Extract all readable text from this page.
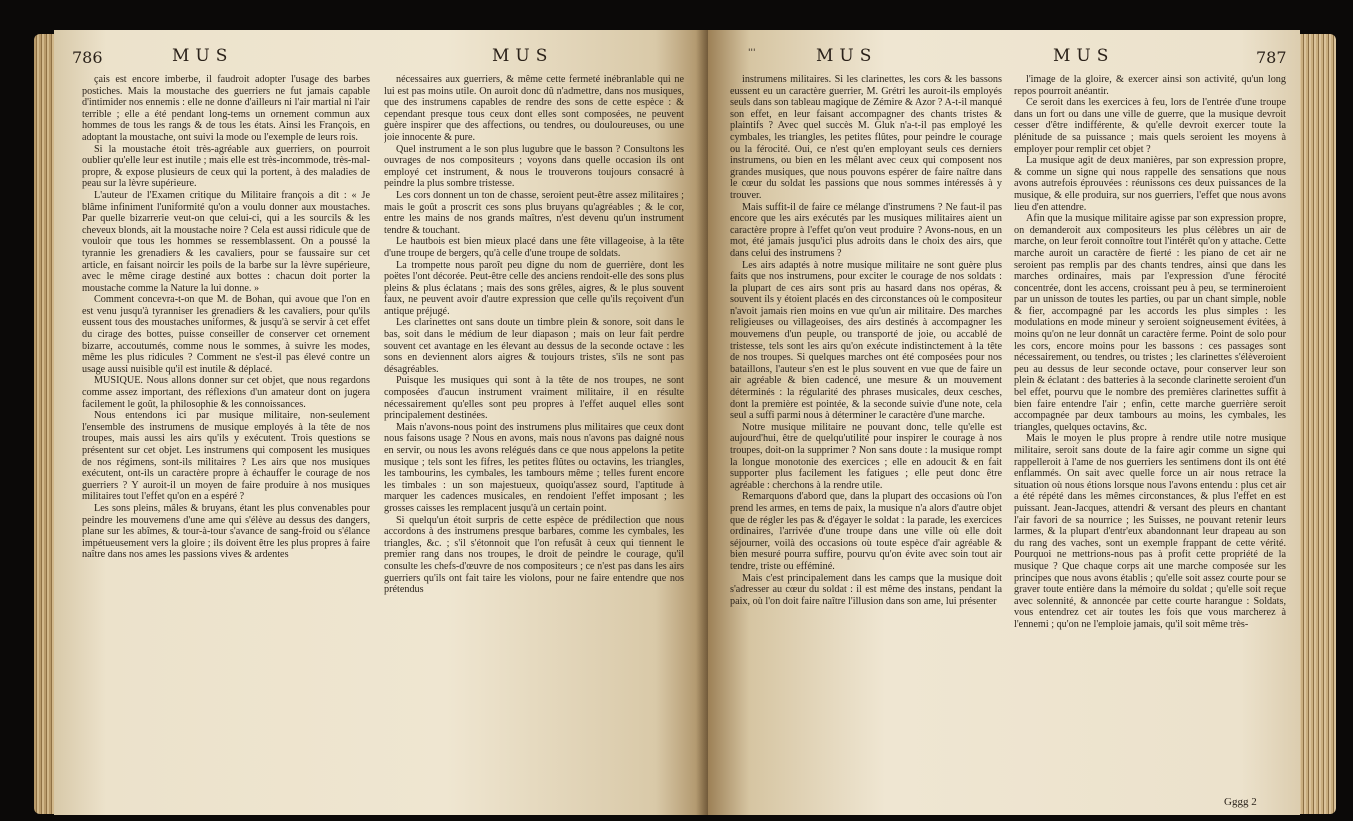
786	MUS	MUS

çais est encore imberbe, il faudroit adopter l'usage des barbes postiches. Mais la moustache des guerriers ne fut jamais capable d'intimider nos ennemis : elle ne donne d'ailleurs ni l'air martial ni l'air terrible ; elle a été pendant long-tems un ornement commun aux hommes de tous les rangs & de tous les états. Ainsi les François, en adoptant la moustache, ont suivi la mode ou l'exemple de leurs rois.

Si la moustache étoit très-agréable aux guerriers, on pourroit oublier qu'elle leur est inutile ; mais elle est très-incommode, très-mal-propre, & expose plusieurs de ceux qui la portent, à des maladies de peau sur la lèvre supérieure.

L'auteur de l'Examen critique du Militaire françois a dit : « Je blâme infiniment l'uniformité qu'on a voulu donner aux moustaches. Par quelle bizarrerie veut-on que celui-ci, qui a les sourcils & les cheveux blonds, ait la moustache noire ? Cela est aussi ridicule que de vouloir que tous les hommes se ressemblassent. On a poussé la tyrannie les grenadiers & les cavaliers, pour se faussaire sur cet article, en faisant noircir les poils de la barbe sur la lèvre supérieure, avec le même cirage destiné aux bottes : chacun doit porter la moustache comme la Nature la lui donne. »

Comment concevra-t-on que M. de Bohan, qui avoue que l'on en est venu jusqu'à tyranniser les grenadiers & les cavaliers, pour qu'ils eussent tous des moustaches uniformes, & jusqu'à se servir à cet effet du cirage des bottes, puisse conseiller de conserver cet ornement bizarre, accoutumés, comme nous le sommes, à suivre les modes, même les plus ridicules ? Comment ne s'est-il pas élevé contre un usage aussi nuisible qu'il est inutile & déplacé.

MUSIQUE. Nous allons donner sur cet objet, que nous regardons comme assez important, des réflexions d'un amateur dont on jugera facilement le goût, la philosophie & les connoissances.

Nous entendons ici par musique militaire, non-seulement l'ensemble des instrumens de musique employés à la tête de nos troupes, mais aussi les airs qu'ils y exécutent. Trois questions se présentent sur cet objet. Les instrumens qui composent les musiques de nos régimens, sont-ils militaires ? Les airs que nos musiques exécutent, ont-ils un caractère propre à échauffer le courage de nos guerriers ? Y auroit-il un moyen de faire produire à nos musiques militaires tout l'effet qu'on en a espéré ?

Les sons pleins, mâles & bruyans, étant les plus convenables pour peindre les mouvemens d'une ame qui s'élève au dessus des dangers, plane sur les abîmes, & tour-à-tour s'avance de sang-froid ou s'élance impétueusement vers la gloire ; ils doivent être les plus propres à faire naître dans nos ames les passions vives & ardentes

nécessaires aux guerriers, & même cette fermeté inébranlable qui ne lui est pas moins utile. On auroit donc dû n'admettre, dans nos musiques, que des instrumens capables de rendre des sons de cette espèce : & cependant presque tous ceux dont elles sont composées, ne peuvent guère inspirer que des affections, ou tendres, ou douloureuses, ou une joie innocente & pure.

Quel instrument a le son plus lugubre que le basson ? Consultons les ouvrages de nos compositeurs ; voyons dans quelle occasion ils ont employé cet instrument, & nous le trouverons toujours consacré à peindre la plus sombre tristesse.

Les cors donnent un ton de chasse, seroient peut-être assez militaires ; mais le goût a proscrit ces sons plus bruyans qu'agréables ; & le cor, entre les mains de nos grands maîtres, n'est devenu qu'un instrument tendre & touchant.

Le hautbois est bien mieux placé dans une fête villageoise, à la tête d'une troupe de bergers, qu'à celle d'une troupe de soldats.

La trompette nous paroît peu digne du nom de guerrière, dont les poëtes l'ont décorée. Peut-être celle des anciens rendoit-elle des sons plus pleins & plus éclatans ; mais des sons grêles, aigres, & le plus souvent faux, ne peuvent avoir d'autre expression que celle qu'ils reçoivent d'un antique préjugé.

Les clarinettes ont sans doute un timbre plein & sonore, soit dans le bas, soit dans le médium de leur diapason ; mais on leur fait perdre souvent cet avantage en les élevant au dessus de la seconde octave : les sons en deviennent alors aigres & toujours tristes, s'ils ne sont pas désagréables.

Puisque les musiques qui sont à la tête de nos troupes, ne sont composées d'aucun instrument vraiment militaire, il en résulte nécessairement qu'elles sont peu propres à l'effet auquel elles sont principalement destinées.

Mais n'avons-nous point des instrumens plus militaires que ceux dont nous faisons usage ? Nous en avons, mais nous n'avons pas daigné nous en servir, ou nous les avons relégués dans ce que nous appelons la petite musique ; tels sont les fifres, les petites flûtes ou octavins, les triangles, les tambourins, les cymbales, les tambours même ; telles furent encore les timbales : un son majestueux, quoiqu'assez sourd, l'aptitude à marquer les cadences musicales, en rendoient l'effet imposant ; les grosses caisses les remplacent jusqu'à un certain point.

Si quelqu'un étoit surpris de cette espèce de prédilection que nous accordons à des instrumens presque barbares, comme les cymbales, les triangles, &c. ; s'il s'étonnoit que l'on refusât à ceux qui tiennent le premier rang dans nos troupes, le droit de peindre le courage, qu'il consulte les chefs-d'œuvre de nos compositeurs ; ce n'est pas dans les airs guerriers qu'ils ont fait taire les violons, pour ne faire entendre que nos prétendus

'''	MUS	MUS	787

instrumens militaires. Si les clarinettes, les cors & les bassons eussent eu un caractère guerrier, M. Grétri les auroit-ils employés seuls dans son tableau magique de Zémire & Azor ? A-t-il manqué son effet, en leur faisant accompagner des chants tristes & plaintifs ? Avec quel succès M. Gluk n'a-t-il pas employé les cymbales, les triangles, les petites flûtes, pour peindre le courage ou la férocité. Oui, ce n'est qu'en employant seuls ces derniers instrumens, ou bien en les mêlant avec ceux qui composent nos grandes musiques, que nous pouvons espérer de faire naître dans le cœur du soldat les passions que nous sommes intéressés à y trouver.

Mais suffit-il de faire ce mélange d'instrumens ? Ne faut-il pas encore que les airs exécutés par les musiques militaires aient un caractère propre à l'effet qu'on veut produire ? Avons-nous, en un mot, été jamais jusqu'ici plus adroits dans le choix des airs, que dans celui des instrumens ?

Les airs adaptés à notre musique militaire ne sont guère plus faits que nos instrumens, pour exciter le courage de nos soldats : la plupart de ces airs sont pris au hasard dans nos opéras, & souvent ils y étoient placés en des circonstances où le compositeur n'avoit jamais rien moins en vue qu'un air militaire. Des marches religieuses ou villageoises, des airs destinés à accompagner les mouvemens d'un peuple, ou transporté de joie, ou accablé de tristesse, tels sont les airs qu'on exécute indistinctement à la tête de nos troupes. Si quelques marches ont été composées pour nos bataillons, l'auteur s'en est le plus souvent en vue que de faire un air agréable & bien cadencé, une mesure & un mouvement déterminés : la régularité des phrases musicales, deux cesches, dont la première est pointée, & la seconde suivie d'une note, cela seul a suffi parmi nous à déterminer le caractère d'une marche.

Notre musique militaire ne pouvant donc, telle qu'elle est aujourd'hui, être de quelqu'utilité pour inspirer le courage à nos troupes, doit-on la supprimer ? Non sans doute : la musique rompt la longue monotonie des exercices ; elle en adoucit & en fait supporter plus facilement les fatigues ; elle peut donc être agréable : cherchons à la rendre utile.

Remarquons d'abord que, dans la plupart des occasions où l'on prend les armes, en tems de paix, la musique n'a alors d'autre objet que de régler les pas & d'égayer le soldat : la parade, les exercices ordinaires, l'arrivée d'une troupe dans une ville où elle doit séjourner, voilà des occasions où toute espèce d'air agréable & bien mesuré pourra suffire, pourvu qu'on évite avec soin tout air tendre, triste ou efféminé.

Mais c'est principalement dans les camps que la musique doit s'adresser au cœur du soldat : il est même des instans, pendant la paix, où l'on doit faire naître l'illusion dans son ame, lui présenter

l'image de la gloire, & exercer ainsi son activité, qu'un long repos pourroit anéantir.

Ce seroit dans les exercices à feu, lors de l'entrée d'une troupe dans un fort ou dans une ville de guerre, que la musique devroit cesser d'être indifférente, & qu'elle devroit exercer toute la plénitude de sa puissance ; mais quels seroient les moyens à employer pour remplir cet objet ?

La musique agit de deux manières, par son expression propre, & comme un signe qui nous rappelle des sensations que nous avons autrefois éprouvées : réunissons ces deux puissances de la musique, & elle produira, sur nos guerriers, l'effet que nous avons lieu d'en attendre.

Afin que la musique militaire agisse par son expression propre, on demanderoit aux compositeurs les plus célèbres un air de marche, on leur feroit connoître tout l'intérêt qu'on y attache. Cette marche auroit un caractère de fierté : les piano de cet air ne seroient pas remplis par des chants tendres, ainsi que dans les marches ordinaires, mais par l'expression d'une férocité concentrée, dont les accens, croissant peu à peu, se termineroient par un unisson de toutes les parties, ou par un chant simple, noble & fier, accompagné par les accords les plus simples : les modulations en mode mineur y seroient soigneusement évitées, à moins qu'on ne leur donnât un caractère ferme. Point de solo pour les cors, encore moins pour les bassons : ces passages sont nécessairement, ou tendres, ou tristes ; les clarinettes s'élèveroient peu au dessus de leur seconde octave, pour conserver leur son plein & éclatant : des batteries à la seconde clarinette seroient d'un bel effet, pourvu que le nombre des premières clarinettes suffit à bien faire entendre l'air ; enfin, cette marche guerrière seroit accompagnée par deux tambours au moins, les cymbales, les triangles, quelques octavins, &c.

Mais le moyen le plus propre à rendre utile notre musique militaire, seroit sans doute de la faire agir comme un signe qui rappelleroit à l'ame de nos guerriers les sentimens dont ils ont été enflammés. On sait avec quelle force un air nous retrace la situation où nous étions lorsque nous l'avons entendu : plus cet air a été répété dans les mêmes circonstances, & plus l'effet en est puissant. Jean-Jacques, attendri & versant des pleurs en chantant l'air favori de sa nourrice ; les Suisses, ne pouvant retenir leurs larmes, & la plupart d'entr'eux abandonnant leur drapeau au son du rang des vaches, sont un exemple frappant de cette vérité. Pourquoi ne mettrions-nous pas à profit cette propriété de la musique ? Que chaque corps ait une marche composée sur les principes que nous avons établis ; qu'elle soit assez courte pour se graver toute entière dans la mémoire du soldat ; qu'elle soit reçue avec solennité, & annoncée par cette courte harangue : Soldats, vous entendrez cet air toutes les fois que vous marcherez à l'ennemi ; qu'on ne l'emploie jamais, qu'il soit même très-

Gggg 2
